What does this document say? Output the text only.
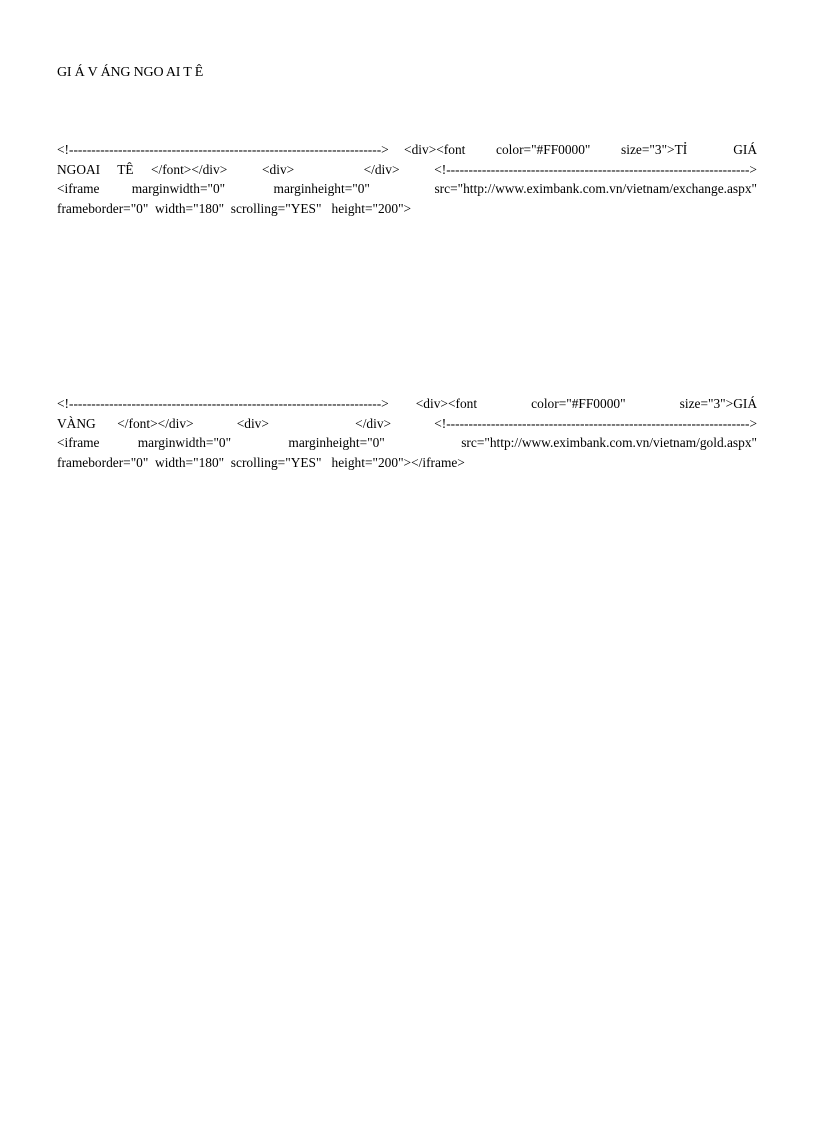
GI Á V ÁNG NGO AI T Ê
<!----------------------------------------------------------------------> <div><font  color="#FF0000"  size="3">TỈ   GIÁ
NGOAI TÊ </font></div>  <div>    </div>  <!-------------------------------------------------------------------->
<iframe  marginwidth="0"   marginheight="0"    src="http://www.eximbank.com.vn/vietnam/exchange.aspx"
frameborder="0"  width="180"  scrolling="YES"   height="200">
<!----------------------------------------------------------------------> <div><font  color="#FF0000"  size="3">GIÁ
VÀNG </font></div>  <div>    </div>  <!-------------------------------------------------------------------->
<iframe  marginwidth="0"   marginheight="0"    src="http://www.eximbank.com.vn/vietnam/gold.aspx"
frameborder="0"  width="180"  scrolling="YES"   height="200"></iframe>
